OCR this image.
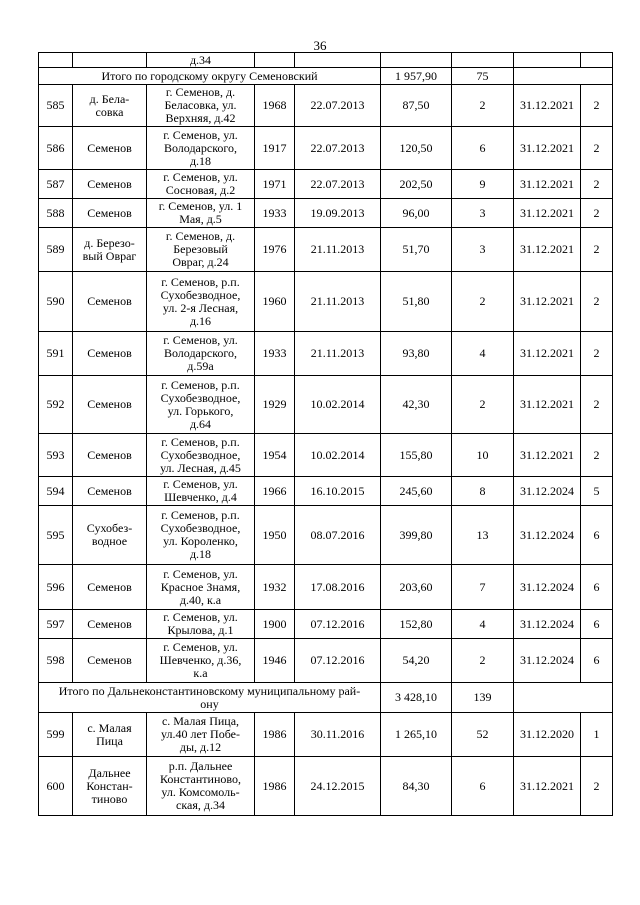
36
		д.34						
Итого по городскому округу Семеновский					1 957,90	75		
585	д. Бела-
совка	г. Семенов, д.
Беласовка, ул.
Верхняя, д.42	1968	22.07.2013	87,50	2	31.12.2021	2
586	Семенов	г. Семенов, ул.
Володарского,
д.18	1917	22.07.2013	120,50	6	31.12.2021	2
587	Семенов	г. Семенов, ул.
Сосновая, д.2	1971	22.07.2013	202,50	9	31.12.2021	2
588	Семенов	г. Семенов, ул. 1
Мая, д.5	1933	19.09.2013	96,00	3	31.12.2021	2
589	д. Березо-
вый Овраг	г. Семенов, д.
Березовый
Овраг, д.24	1976	21.11.2013	51,70	3	31.12.2021	2
590	Семенов	г. Семенов, р.п.
Сухобезводное,
ул. 2-я Лесная,
д.16	1960	21.11.2013	51,80	2	31.12.2021	2
591	Семенов	г. Семенов, ул.
Володарского,
д.59а	1933	21.11.2013	93,80	4	31.12.2021	2
592	Семенов	г. Семенов, р.п.
Сухобезводное,
ул. Горького,
д.64	1929	10.02.2014	42,30	2	31.12.2021	2
593	Семенов	г. Семенов, р.п.
Сухобезводное,
ул. Лесная, д.45	1954	10.02.2014	155,80	10	31.12.2021	2
594	Семенов	г. Семенов, ул.
Шевченко, д.4	1966	16.10.2015	245,60	8	31.12.2024	5
595	Сухобез-
водное	г. Семенов, р.п.
Сухобезводное,
ул. Короленко,
д.18	1950	08.07.2016	399,80	13	31.12.2024	6
596	Семенов	г. Семенов, ул.
Красное Знамя,
д.40, к.а	1932	17.08.2016	203,60	7	31.12.2024	6
597	Семенов	г. Семенов, ул.
Крылова, д.1	1900	07.12.2016	152,80	4	31.12.2024	6
598	Семенов	г. Семенов, ул.
Шевченко, д.36,
к.а	1946	07.12.2016	54,20	2	31.12.2024	6
Итого по Дальнеконстантиновскому муниципальному рай-
ону					3 428,10	139		
599	с. Малая
Пица	с. Малая Пица,
ул.40 лет Побе-
ды, д.12	1986	30.11.2016	1 265,10	52	31.12.2020	1
600	Дальнее
Констан-
тиново	р.п. Дальнее
Константиново,
ул. Комсомоль-
ская, д.34	1986	24.12.2015	84,30	6	31.12.2021	2
